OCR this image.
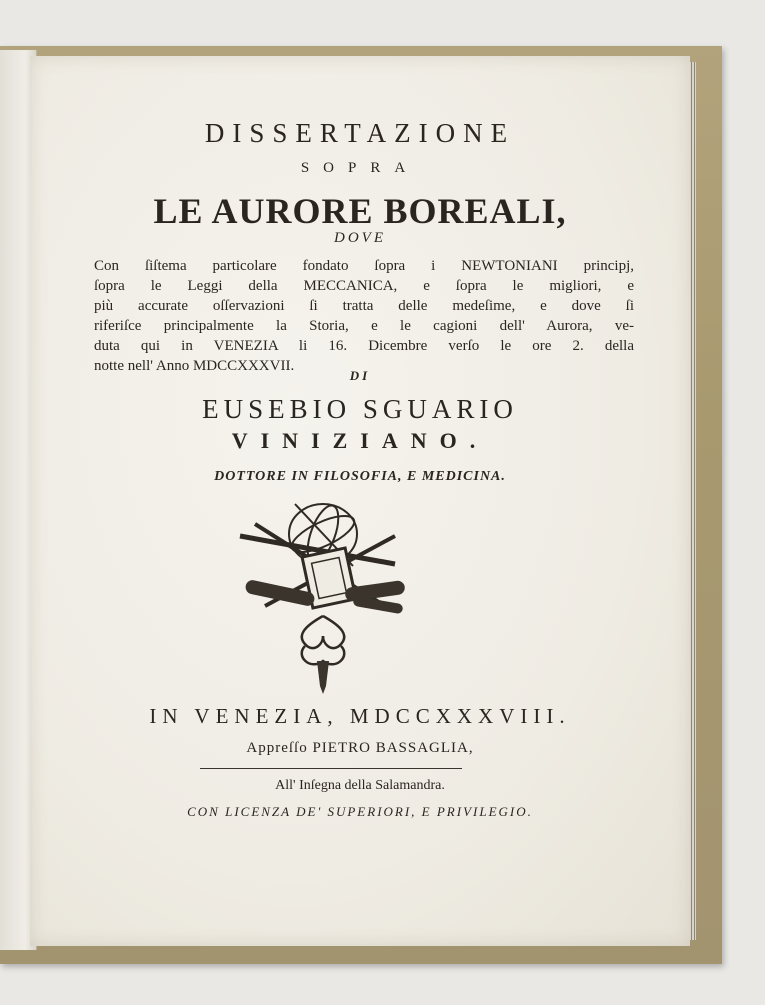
DISSERTAZIONE
SOPRA
LE AURORE BOREALI,
DOVE
Con ſiſtema particolare fondato ſopra i NEWTONIANI principj,
ſopra le Leggi della MECCANICA, e ſopra le migliori, e
più accurate oſſervazioni ſi tratta delle medeſime, e dove ſi
riferiſce principalmente la Storia, e le cagioni dell' Aurora, ve-
duta qui in VENEZIA li 16. Dicembre verſo le ore 2. della
notte nell' Anno MDCCXXXVII.
DI
EUSEBIO SGUARIO
VINIZIANO.
DOTTORE IN FILOSOFIA, E MEDICINA.
IN VENEZIA, MDCCXXXVIII.
Appreſſo PIETRO BASSAGLIA,
All' Inſegna della Salamandra.
CON LICENZA DE' SUPERIORI, E PRIVILEGIO.
